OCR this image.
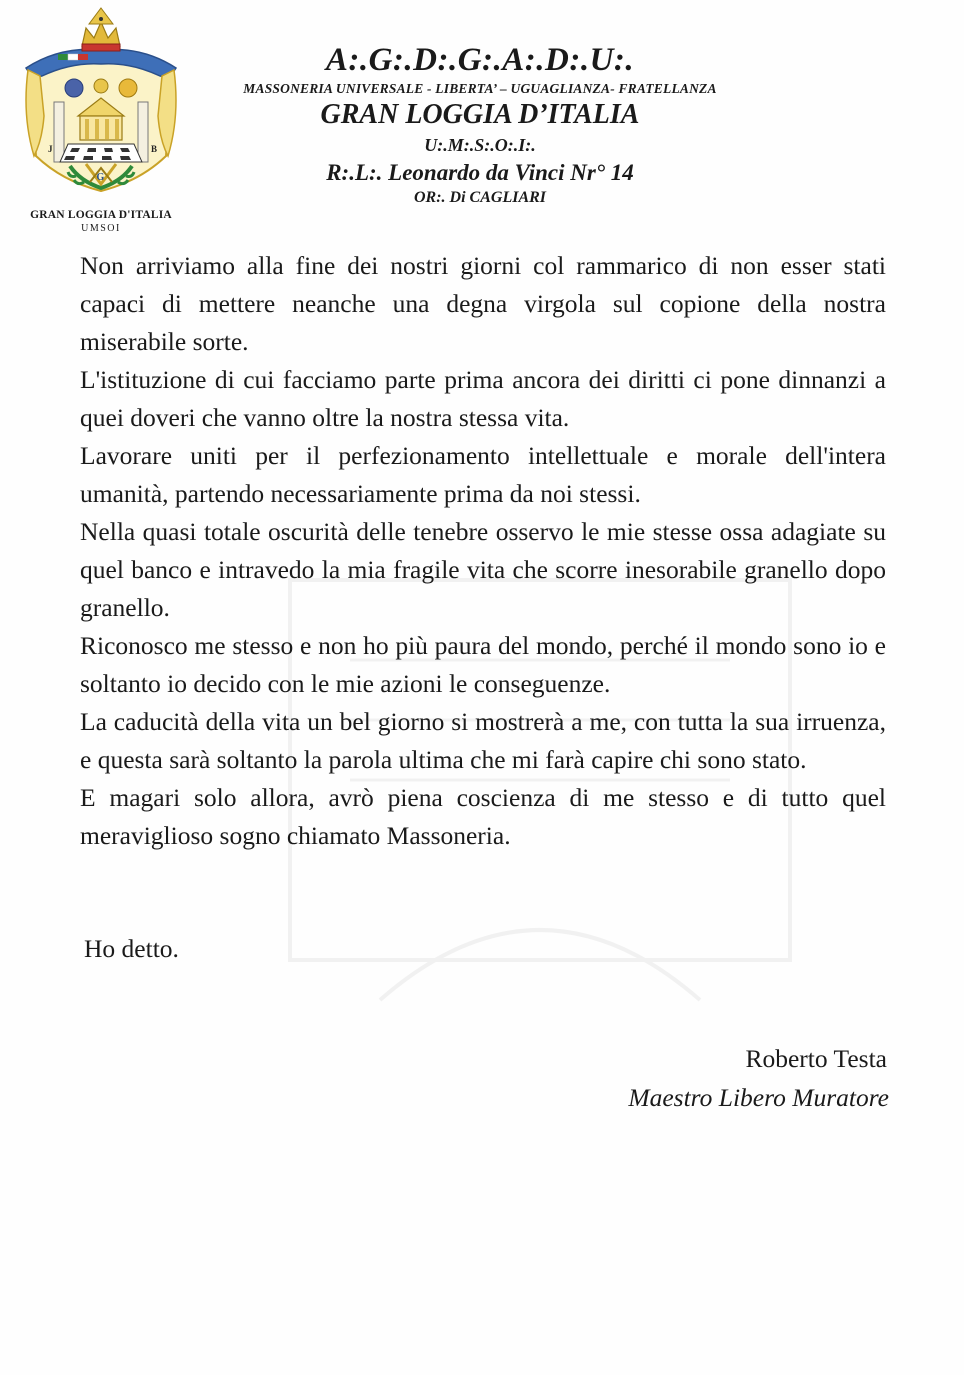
J	B
G
GRAN LOGGIA D'ITALIA
UMSOI

A:.G:.D:.G:.A:.D:.U:.

MASSONERIA UNIVERSALE - LIBERTA’ – UGUAGLIANZA- FRATELLANZA

GRAN LOGGIA D’ITALIA

U:.M:.S:.O:.I:.

R:.L:. Leonardo da Vinci Nr° 14

OR:. Di CAGLIARI

Non arriviamo alla fine dei nostri giorni col rammarico di non esser stati capaci di mettere neanche una degna virgola sul copione della nostra miserabile sorte.

L'istituzione di cui facciamo parte prima ancora dei diritti ci pone dinnanzi a quei doveri che vanno oltre la nostra stessa vita.

Lavorare uniti per il perfezionamento intellettuale e morale dell'intera umanità, partendo necessariamente prima da noi stessi.

Nella quasi totale oscurità delle tenebre osservo le mie stesse ossa adagiate su quel banco e intravedo la mia fragile vita che scorre inesorabile granello dopo granello.

Riconosco me stesso e non ho più paura del mondo, perché il mondo sono io e soltanto io decido con le mie azioni le conseguenze.

La caducità della vita un bel giorno si mostrerà a me, con tutta la sua irruenza, e questa sarà soltanto la parola ultima che mi farà capire chi sono stato.

E magari solo allora, avrò piena coscienza di me stesso e di tutto quel meraviglioso sogno chiamato Massoneria.

Ho detto.

Roberto Testa
Maestro Libero Muratore
